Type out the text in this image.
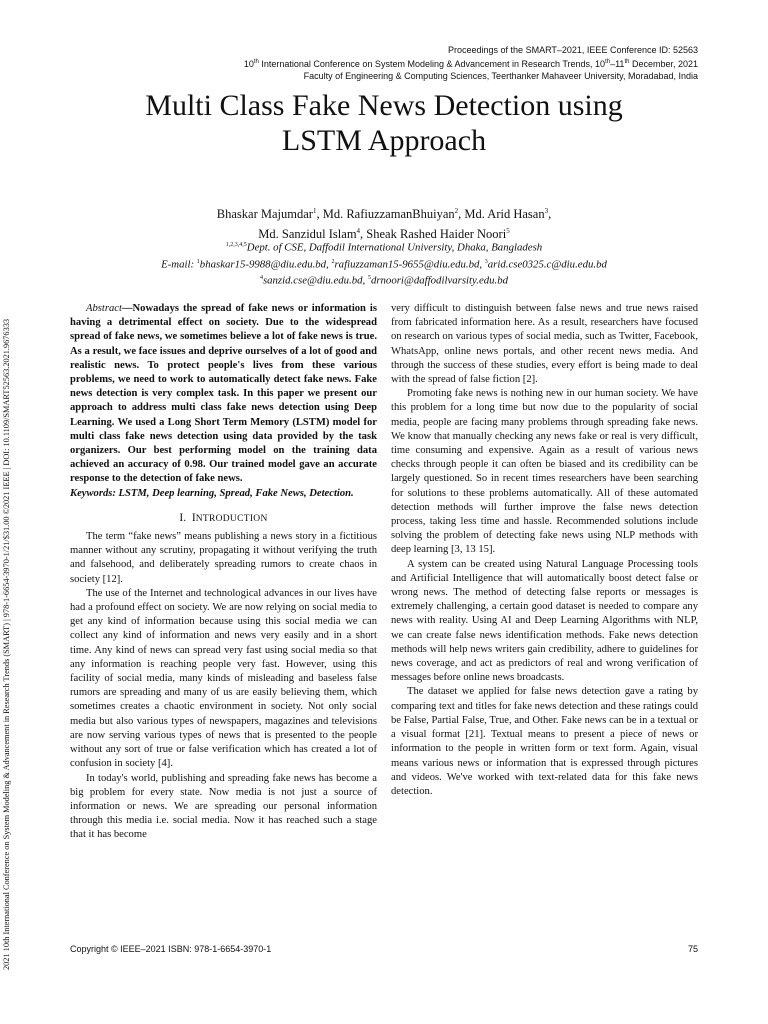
Proceedings of the SMART–2021, IEEE Conference ID: 52563
10th International Conference on System Modeling & Advancement in Research Trends, 10th–11th December, 2021
Faculty of Engineering & Computing Sciences, Teerthanker Mahaveer University, Moradabad, India
2021 10th International Conference on System Modeling & Advancement in Research Trends (SMART) | 978-1-6654-3970-1/21/$31.00 ©2021 IEEE | DOI: 10.1109/SMART52563.2021.9676333
Multi Class Fake News Detection using
LSTM Approach
Bhaskar Majumdar$^1$, Md. RafiuzzamanBhuiyan$^2$, Md. Arid Hasan$^3$,
Md. Sanzidul Islam$^4$, Sheak Rashed Haider Noori$^5$
$^{1,2,3,4,5}$Dept. of CSE, Daffodil International University, Dhaka, Bangladesh
E-mail: $^1$bhaskar15-9988@diu.edu.bd, $^2$rafiuzzaman15-9655@diu.edu.bd, $^3$arid.cse0325.c@diu.edu.bd
$^4$sanzid.cse@diu.edu.bd, $^5$drnoori@daffodilvarsity.edu.bd

Abstract—Nowadays the spread of fake news or information is having a detrimental effect on society. Due to the widespread spread of fake news, we sometimes believe a lot of fake news is true. As a result, we face issues and deprive ourselves of a lot of good and realistic news. To protect people's lives from these various problems, we need to work to automatically detect fake news. Fake news detection is very complex task. In this paper we present our approach to address multi class fake news detection using Deep Learning. We used a Long Short Term Memory (LSTM) model for multi class fake news detection using data provided by the task organizers. Our best performing model on the training data achieved an accuracy of 0.98. Our trained model gave an accurate response to the detection of fake news.

Keywords: LSTM, Deep learning, Spread, Fake News, Detection.

I. INTRODUCTION

The term “fake news” means publishing a news story in a fictitious manner without any scrutiny, propagating it without verifying the truth and falsehood, and deliberately spreading rumors to create chaos in society [12].

The use of the Internet and technological advances in our lives have had a profound effect on society. We are now relying on social media to get any kind of information because using this social media we can collect any kind of information and news very easily and in a short time. Any kind of news can spread very fast using social media so that any information is reaching people very fast. However, using this facility of social media, many kinds of misleading and baseless false rumors are spreading and many of us are easily believing them, which sometimes creates a chaotic environment in society. Not only social media but also various types of newspapers, magazines and televisions are now serving various types of news that is presented to the people without any sort of true or false verification which has created a lot of confusion in society [4].

In today's world, publishing and spreading fake news has become a big problem for every state. Now media is not just a source of information or news. We are spreading our personal information through this media i.e. social media. Now it has reached such a stage that it has become

very difficult to distinguish between false news and true news raised from fabricated information here. As a result, researchers have focused on research on various types of social media, such as Twitter, Facebook, WhatsApp, online news portals, and other recent news media. And through the success of these studies, every effort is being made to deal with the spread of false fiction [2].

Promoting fake news is nothing new in our human society. We have this problem for a long time but now due to the popularity of social media, people are facing many problems through spreading fake news. We know that manually checking any news fake or real is very difficult, time consuming and expensive. Again as a result of various news checks through people it can often be biased and its credibility can be largely questioned. So in recent times researchers have been searching for solutions to these problems automatically. All of these automated detection methods will further improve the false news detection process, taking less time and hassle. Recommended solutions include solving the problem of detecting fake news using NLP methods with deep learning [3, 13 15].

A system can be created using Natural Language Processing tools and Artificial Intelligence that will automatically boost detect false or wrong news. The method of detecting false reports or messages is extremely challenging, a certain good dataset is needed to compare any news with reality. Using AI and Deep Learning Algorithms with NLP, we can create false news identification methods. Fake news detection methods will help news writers gain credibility, adhere to guidelines for news coverage, and act as predictors of real and wrong verification of messages before online news broadcasts.

The dataset we applied for false news detection gave a rating by comparing text and titles for fake news detection and these ratings could be False, Partial False, True, and Other. Fake news can be in a textual or a visual format [21]. Textual means to present a piece of news or information to the people in written form or text form. Again, visual means various news or information that is expressed through pictures and videos. We've worked with text-related data for this fake news detection.

Copyright © IEEE–2021 ISBN: 978-1-6654-3970-1	75
